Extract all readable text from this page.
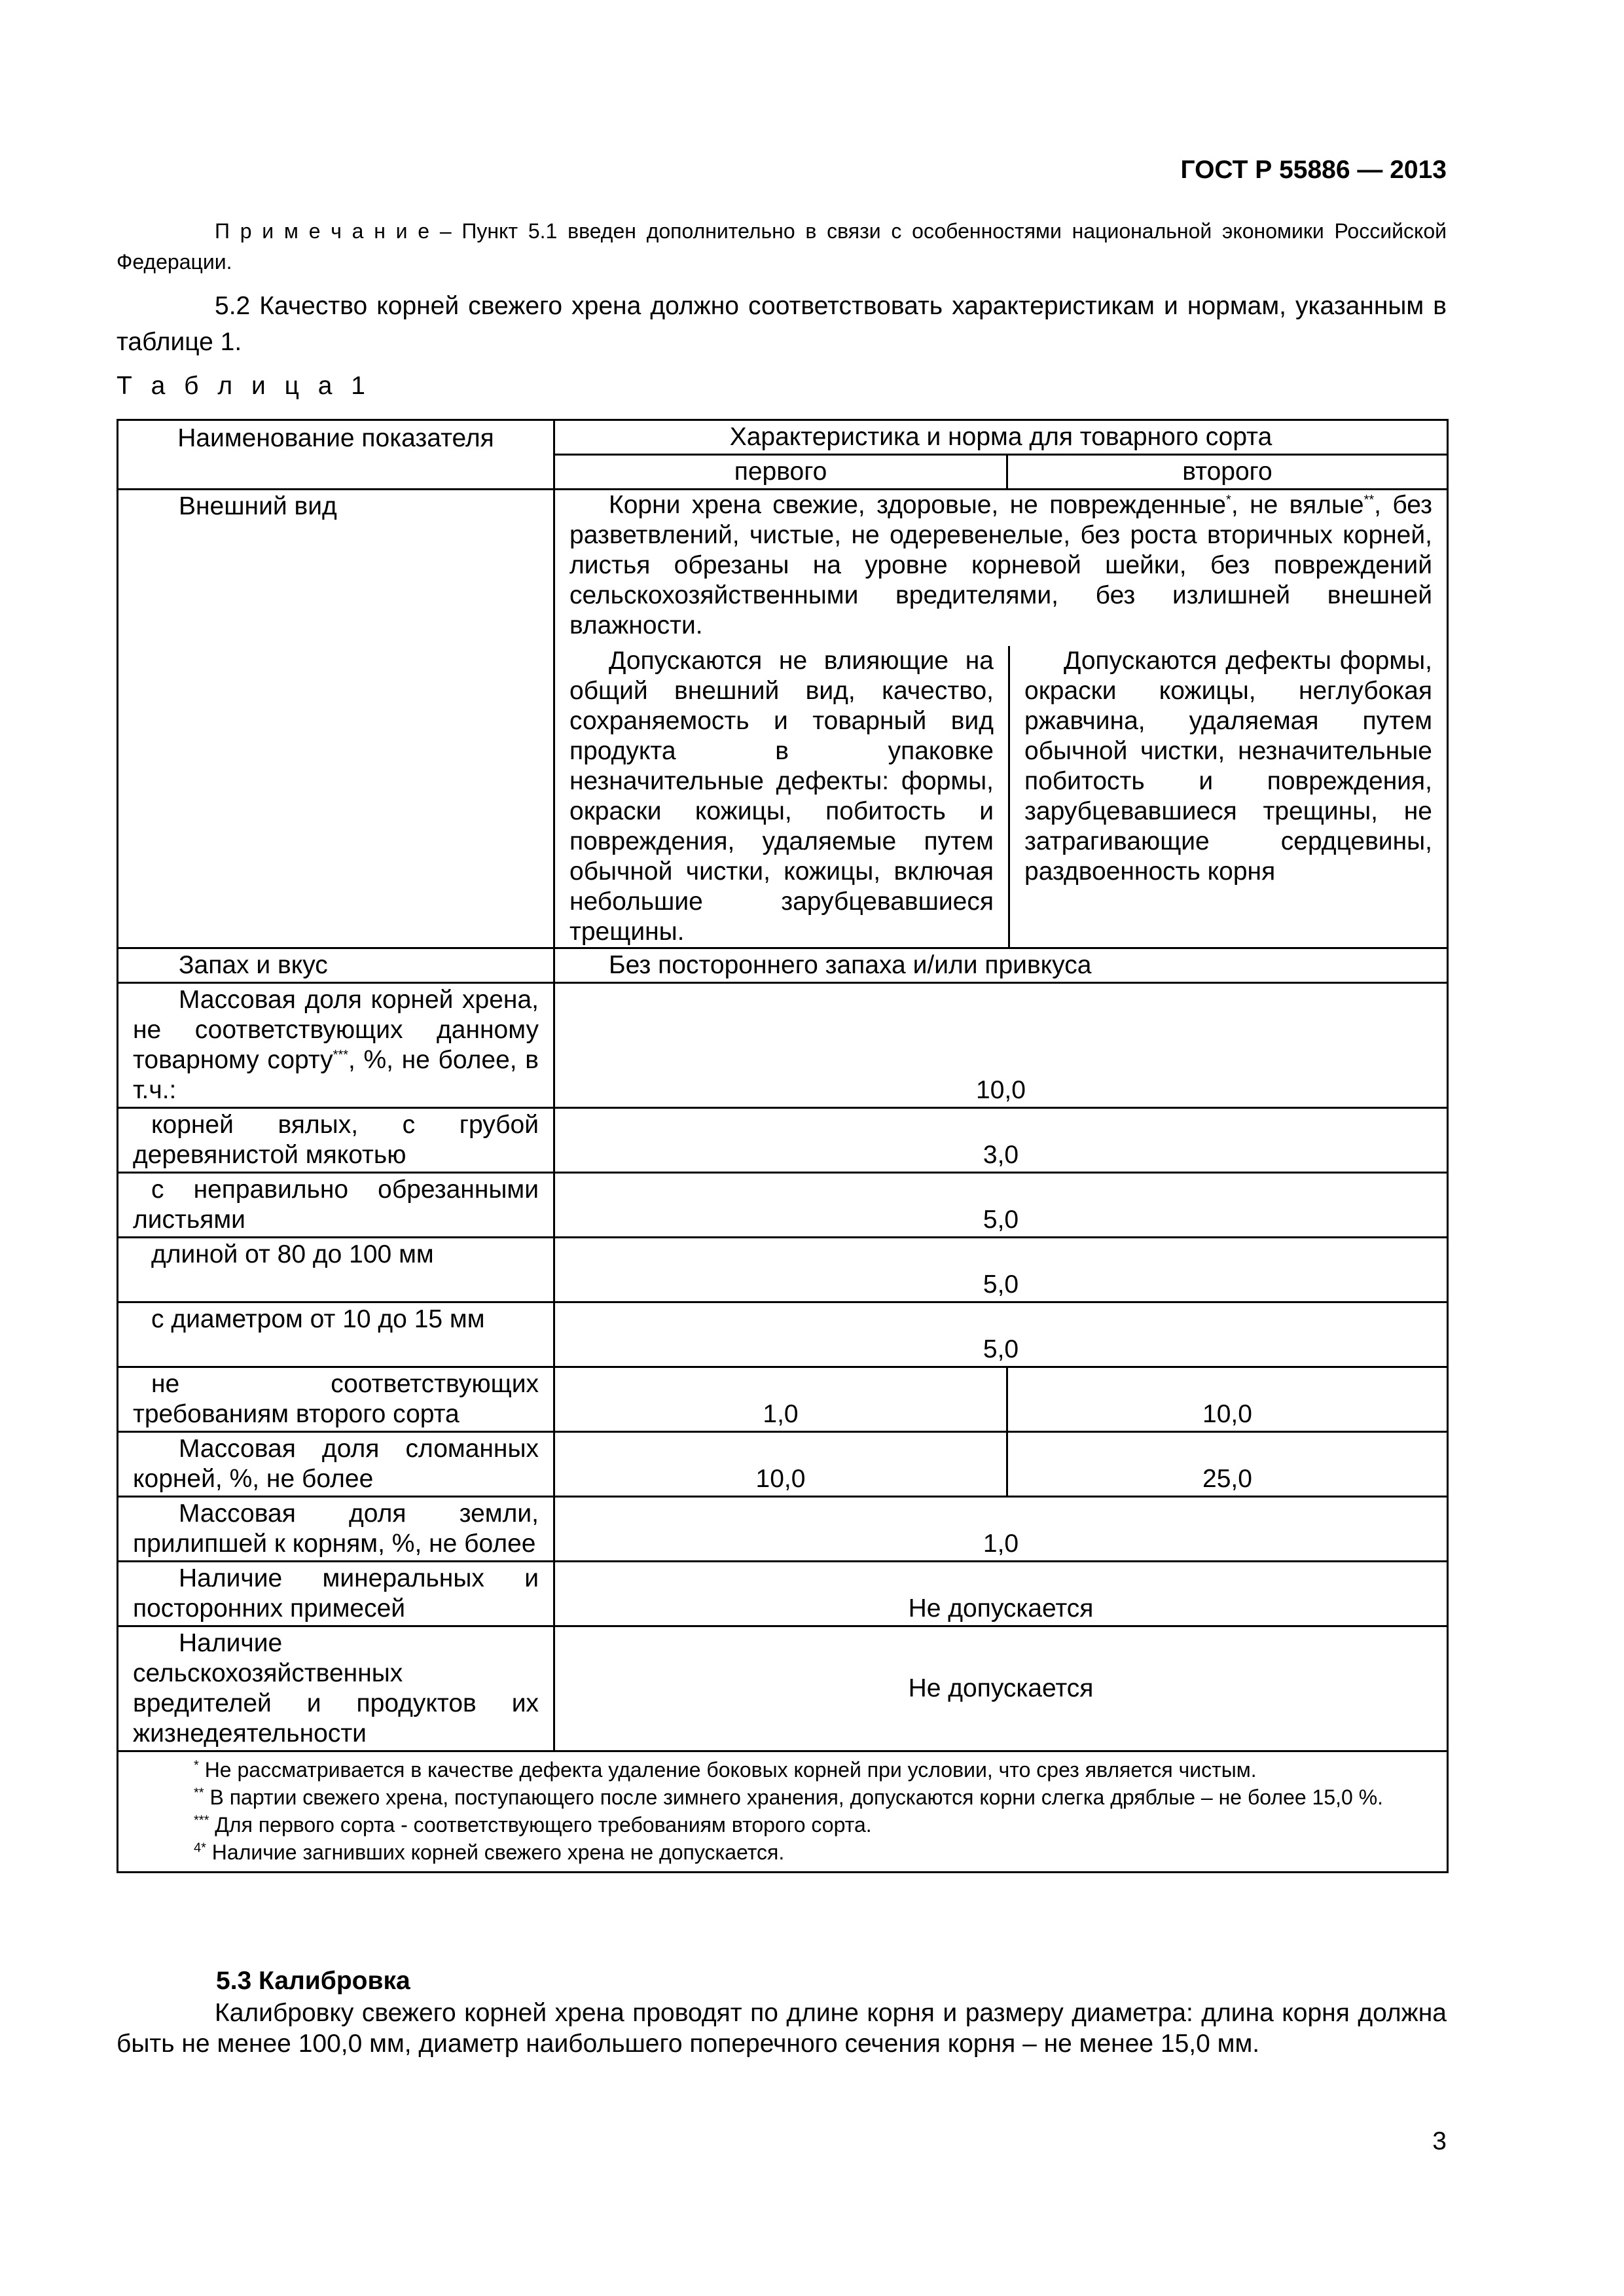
ГОСТ Р 55886 — 2013
П р и м е ч а н и е – Пункт 5.1 введен дополнительно в связи с особенностями национальной экономики Российской Федерации.
5.2 Качество корней свежего хрена должно соответствовать характеристикам и нормам, указанным в таблице 1.
Т а б л и ц а 1
Наименование показателя	Характеристика и норма для товарного сорта
первого	второго
Внешний вид	Корни хрена свежие, здоровые, не поврежденные*, не вялые**, без разветвлений, чистые, не одеревенелые, без роста вторичных корней, листья обрезаны на уровне корневой шейки, без повреждений сельскохозяйственными вредителями, без излишней внешней влажности.
Допускаются не влияющие на общий внешний вид, качество, сохраняемость и товарный вид продукта в упаковке незначительные дефекты: формы, окраски кожицы, побитость и повреждения, удаляемые путем обычной чистки, кожицы, включая небольшие зарубцевавшиеся трещины.	Допускаются дефекты формы, окраски кожицы, неглубокая ржавчина, удаляемая путем обычной чистки, незначительные побитость и повреждения, зарубцевавшиеся трещины, не затрагивающие сердцевины, раздвоенность корня

Запах и вкус	Без постороннего запаха и/или привкуса
Массовая доля корней хрена, не соответствующих данному товарному сорту***, %, не более, в т.ч.:	10,0
корней вялых, с грубой деревянистой мякотью	3,0
с неправильно обрезанными листьями	5,0
длиной от 80 до 100 мм	5,0
с диаметром от 10 до 15 мм	5,0
не соответствующих требованиям второго сорта	1,0	10,0
Массовая доля сломанных корней, %, не более	10,0	25,0
Массовая доля земли, прилипшей к корням, %, не более	1,0
Наличие минеральных и посторонних примесей	Не допускается
Наличие сельскохозяйственных вредителей и продуктов их жизнедеятельности	Не допускается

* Не рассматривается в качестве дефекта удаление боковых корней при условии, что срез является чистым.

** В партии свежего хрена, поступающего после зимнего хранения, допускаются корни слегка дряблые – не более 15,0 %.

*** Для первого сорта - соответствующего требованиям второго сорта.

$^{4*}$ Наличие загнивших корней свежего хрена не допускается.

5.3 Калибровка
Калибровку свежего корней хрена проводят по длине корня и размеру диаметра: длина корня должна быть не менее 100,0 мм, диаметр наибольшего поперечного сечения корня – не менее 15,0 мм.
3
